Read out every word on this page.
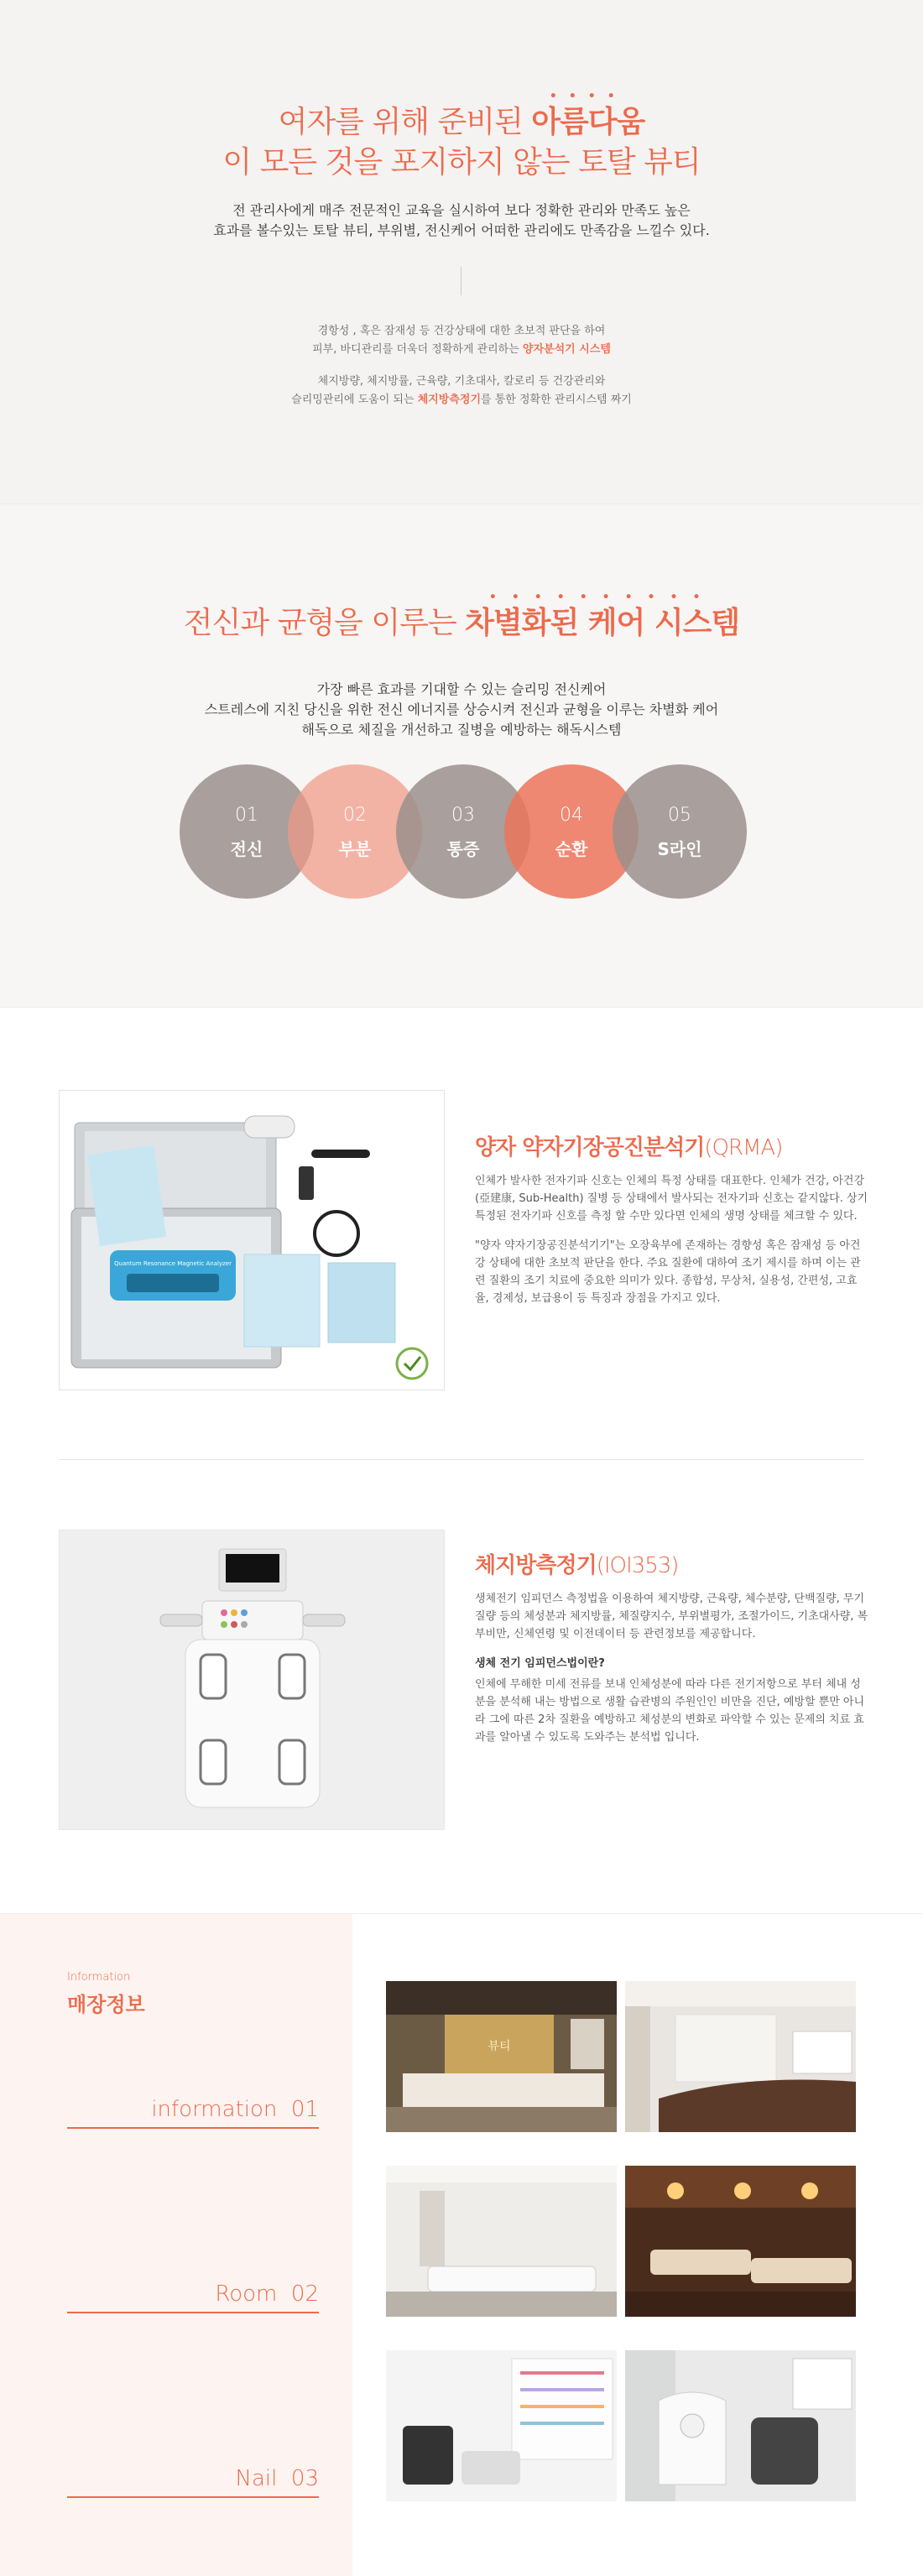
여자를 위해 준비된
••••
아름다움
이 모든 것을 포지하지 않는 토탈 뷰티
전 관리사에게 매주 전문적인 교육을 실시하여 보다 정확한 관리와 만족도 높은
효과를 볼수있는 토탈 뷰티, 부위별, 전신케어 어떠한 관리에도 만족감을 느낄수 있다.
경항성 , 혹은 잠재성 등 건강상태에 대한 초보적 판단을 하여
피부, 바디관리를 더욱더 정확하게 관리하는 양자분석기 시스템
체지방량, 체지방률, 근육량, 기초대사, 칼로리 등 건강관리와
슬리밍관리에 도움이 되는 체지방측정기를 통한 정확한 관리시스템 짜기
전신과 균형을 이루는
••••••••••
차별화된 케어 시스템
가장 빠른 효과를 기대할 수 있는 슬리밍 전신케어
스트레스에 지친 당신을 위한 전신 에너지를 상승시켜 전신과 균형을 이루는 차별화 케어
해독으로 체질을 개선하고 질병을 예방하는 해독시스템
01
전신
02
부분
03
통증
04
순환
05
S라인
Quantum Resonance Magnetic Analyzer
양자 약자기장공진분석기(QRMA)

인체가 발사한 전자기파 신호는 인체의 특정 상태를 대표한다. 인체가 건강, 아건강 (亞建康, Sub-Health) 질병 등 상태에서 발사되는 전자기파 신호는 같지않다. 상기 특정된 전자기파 신호를 측정 할 수만 있다면 인체의 생명 상태를 체크할 수 있다.

"양자 약자기장공진분석기기"는 오장육부에 존재하는 경향성 혹은 잠재성 등 아건강 상태에 대한 초보적 판단을 한다. 주요 질환에 대하여 조기 제시를 하며 이는 관련 질환의 조기 치료에 중요한 의미가 있다. 종합성, 무상처, 실용성, 간편성, 고효율, 경제성, 보급용이 등 특징과 장점을 가지고 있다.

체지방측정기(IOI353)

생체전기 임피던스 측정법을 이용하여 체지방량, 근육량, 체수분량, 단백질량, 무기질량 등의 체성분과 체지방률, 체질량지수, 부위별평가, 조절가이드, 기초대사량, 복부비만, 신체연령 및 이전데이터 등 관련정보를 제공합니다.

생체 전기 임피던스법이란?

인체에 무해한 미세 전류를 보내 인체성분에 따라 다른 전기저항으로 부터 체내 성분을 분석해 내는 방법으로 생활 습관병의 주원인인 비만을 진단, 예방할 뿐만 아니라 그에 따른 2차 질환을 예방하고 체성분의 변화로 파악할 수 있는 문제의 치료 효과를 알아낼 수 있도록 도와주는 분석법 입니다.

Information
매장정보
information 01
Room 02
Nail 03
뷰티
